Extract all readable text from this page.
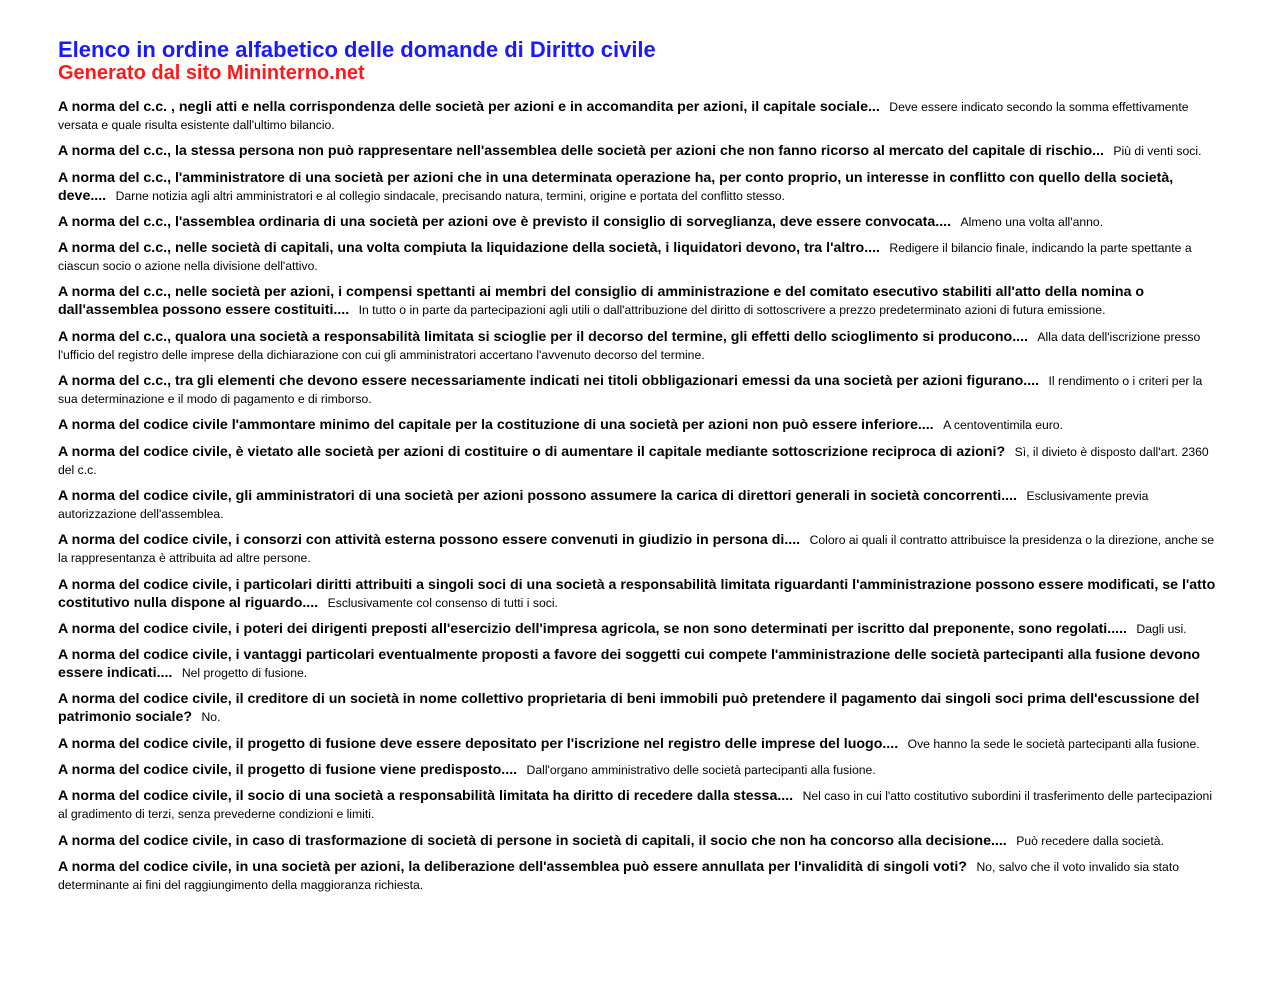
Elenco in ordine alfabetico delle domande di Diritto civile
Generato dal sito Mininterno.net
A norma del c.c. , negli atti e nella corrispondenza delle società per azioni e in accomandita per azioni, il capitale sociale... Deve essere indicato secondo la somma effettivamente versata e quale risulta esistente dall'ultimo bilancio.
A norma del c.c., la stessa persona non può rappresentare nell'assemblea delle società per azioni che non fanno ricorso al mercato del capitale di rischio... Più di venti soci.
A norma del c.c., l'amministratore di una società per azioni che in una determinata operazione ha, per conto proprio, un interesse in conflitto con quello della società, deve.... Darne notizia agli altri amministratori e al collegio sindacale, precisando natura, termini, origine e portata del conflitto stesso.
A norma del c.c., l'assemblea ordinaria di una società per azioni ove è previsto il consiglio di sorveglianza, deve essere convocata.... Almeno una volta all'anno.
A norma del c.c., nelle società di capitali, una volta compiuta la liquidazione della società, i liquidatori devono, tra l'altro.... Redigere il bilancio finale, indicando la parte spettante a ciascun socio o azione nella divisione dell'attivo.
A norma del c.c., nelle società per azioni, i compensi spettanti ai membri del consiglio di amministrazione e del comitato esecutivo stabiliti all'atto della nomina o dall'assemblea possono essere costituiti.... In tutto o in parte da partecipazioni agli utili o dall'attribuzione del diritto di sottoscrivere a prezzo predeterminato azioni di futura emissione.
A norma del c.c., qualora una società a responsabilità limitata si scioglie per il decorso del termine, gli effetti dello scioglimento si producono.... Alla data dell'iscrizione presso l'ufficio del registro delle imprese della dichiarazione con cui gli amministratori accertano l'avvenuto decorso del termine.
A norma del c.c., tra gli elementi che devono essere necessariamente indicati nei titoli obbligazionari emessi da una società per azioni figurano.... Il rendimento o i criteri per la sua determinazione e il modo di pagamento e di rimborso.
A norma del codice civile l'ammontare minimo del capitale per la costituzione di una società per azioni non può essere inferiore.... A centoventimila euro.
A norma del codice civile, è vietato alle società per azioni di costituire o di aumentare il capitale mediante sottoscrizione reciproca di azioni? Sì, il divieto è disposto dall'art. 2360 del c.c.
A norma del codice civile, gli amministratori di una società per azioni possono assumere la carica di direttori generali in società concorrenti.... Esclusivamente previa autorizzazione dell'assemblea.
A norma del codice civile, i consorzi con attività esterna possono essere convenuti in giudizio in persona di.... Coloro ai quali il contratto attribuisce la presidenza o la direzione, anche se la rappresentanza è attribuita ad altre persone.
A norma del codice civile, i particolari diritti attribuiti a singoli soci di una società a responsabilità limitata riguardanti l'amministrazione possono essere modificati, se l'atto costitutivo nulla dispone al riguardo.... Esclusivamente col consenso di tutti i soci.
A norma del codice civile, i poteri dei dirigenti preposti all'esercizio dell'impresa agricola, se non sono determinati per iscritto dal preponente, sono regolati..... Dagli usi.
A norma del codice civile, i vantaggi particolari eventualmente proposti a favore dei soggetti cui compete l'amministrazione delle società partecipanti alla fusione devono essere indicati.... Nel progetto di fusione.
A norma del codice civile, il creditore di un società in nome collettivo proprietaria di beni immobili può pretendere il pagamento dai singoli soci prima dell'escussione del patrimonio sociale? No.
A norma del codice civile, il progetto di fusione deve essere depositato per l'iscrizione nel registro delle imprese del luogo.... Ove hanno la sede le società partecipanti alla fusione.
A norma del codice civile, il progetto di fusione viene predisposto.... Dall'organo amministrativo delle società partecipanti alla fusione.
A norma del codice civile, il socio di una società a responsabilità limitata ha diritto di recedere dalla stessa.... Nel caso in cui l'atto costitutivo subordini il trasferimento delle partecipazioni al gradimento di terzi, senza prevederne condizioni e limiti.
A norma del codice civile, in caso di trasformazione di società di persone in società di capitali, il socio che non ha concorso alla decisione.... Può recedere dalla società.
A norma del codice civile, in una società per azioni, la deliberazione dell'assemblea può essere annullata per l'invalidità di singoli voti? No, salvo che il voto invalido sia stato determinante ai fini del raggiungimento della maggioranza richiesta.
